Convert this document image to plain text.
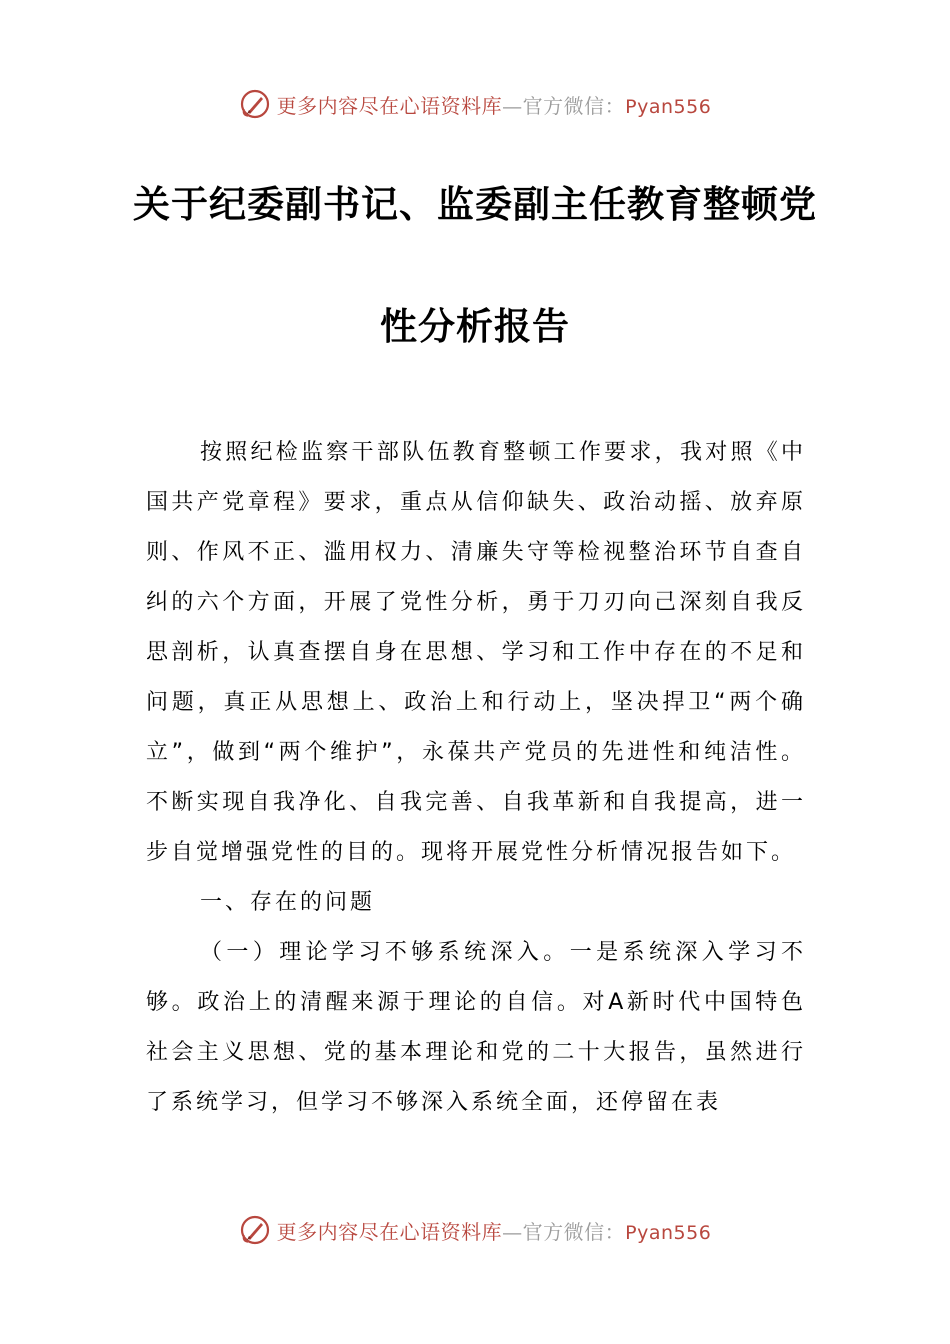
更多内容尽在心语资料库—官方微信：Pyan556
关于纪委副书记、监委副主任教育整顿党
性分析报告

按照纪检监察干部队伍教育整顿工作要求，我对照《中国共产党章程》要求，重点从信仰缺失、政治动摇、放弃原则、作风不正、滥用权力、清廉失守等检视整治环节自查自纠的六个方面，开展了党性分析，勇于刀刃向己深刻自我反思剖析，认真查摆自身在思想、学习和工作中存在的不足和问题，真正从思想上、政治上和行动上，坚决捍卫“两个确立”，做到“两个维护”，永葆共产党员的先进性和纯洁性。不断实现自我净化、自我完善、自我革新和自我提高，进一步自觉增强党性的目的。现将开展党性分析情况报告如下。

一、存在的问题

（一）理论学习不够系统深入。一是系统深入学习不够。政治上的清醒来源于理论的自信。对A新时代中国特色社会主义思想、党的基本理论和党的二十大报告，虽然进行了系统学习，但学习不够深入系统全面，还停留在表

更多内容尽在心语资料库—官方微信：Pyan556
